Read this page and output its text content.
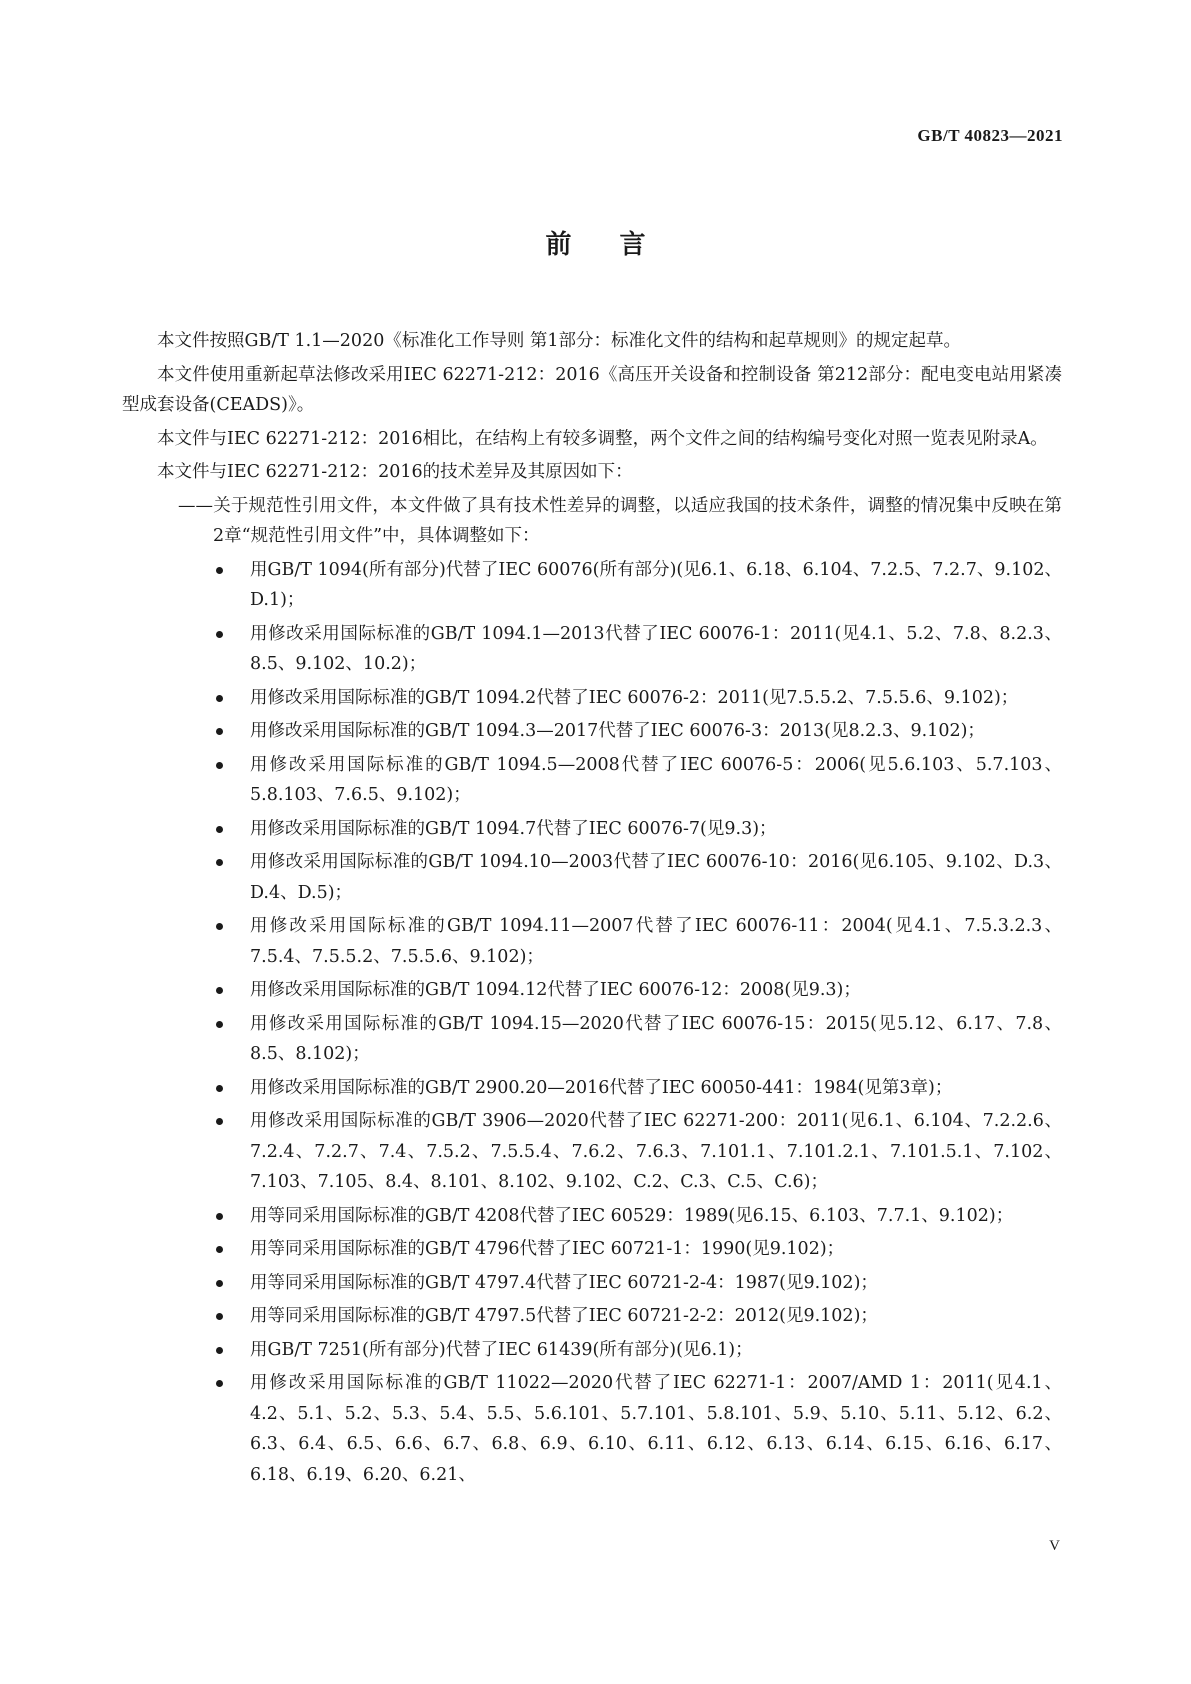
GB/T 40823—2021
前 言

本文件按照GB/T 1.1—2020《标准化工作导则 第1部分：标准化文件的结构和起草规则》的规定起草。

本文件使用重新起草法修改采用IEC 62271-212：2016《高压开关设备和控制设备 第212部分：配电变电站用紧凑型成套设备(CEADS)》。

本文件与IEC 62271-212：2016相比，在结构上有较多调整，两个文件之间的结构编号变化对照一览表见附录A。

本文件与IEC 62271-212：2016的技术差异及其原因如下：

——关于规范性引用文件，本文件做了具有技术性差异的调整，以适应我国的技术条件，调整的情况集中反映在第2章“规范性引用文件”中，具体调整如下：
用GB/T 1094(所有部分)代替了IEC 60076(所有部分)(见6.1、6.18、6.104、7.2.5、7.2.7、9.102、D.1)；
用修改采用国际标准的GB/T 1094.1—2013代替了IEC 60076-1：2011(见4.1、5.2、7.8、8.2.3、8.5、9.102、10.2)；
用修改采用国际标准的GB/T 1094.2代替了IEC 60076-2：2011(见7.5.5.2、7.5.5.6、9.102)；
用修改采用国际标准的GB/T 1094.3—2017代替了IEC 60076-3：2013(见8.2.3、9.102)；
用修改采用国际标准的GB/T 1094.5—2008代替了IEC 60076-5：2006(见5.6.103、5.7.103、5.8.103、7.6.5、9.102)；
用修改采用国际标准的GB/T 1094.7代替了IEC 60076-7(见9.3)；
用修改采用国际标准的GB/T 1094.10—2003代替了IEC 60076-10：2016(见6.105、9.102、D.3、D.4、D.5)；
用修改采用国际标准的GB/T 1094.11—2007代替了IEC 60076-11：2004(见4.1、7.5.3.2.3、7.5.4、7.5.5.2、7.5.5.6、9.102)；
用修改采用国际标准的GB/T 1094.12代替了IEC 60076-12：2008(见9.3)；
用修改采用国际标准的GB/T 1094.15—2020代替了IEC 60076-15：2015(见5.12、6.17、7.8、8.5、8.102)；
用修改采用国际标准的GB/T 2900.20—2016代替了IEC 60050-441：1984(见第3章)；
用修改采用国际标准的GB/T 3906—2020代替了IEC 62271-200：2011(见6.1、6.104、7.2.2.6、7.2.4、7.2.7、7.4、7.5.2、7.5.5.4、7.6.2、7.6.3、7.101.1、7.101.2.1、7.101.5.1、7.102、7.103、7.105、8.4、8.101、8.102、9.102、C.2、C.3、C.5、C.6)；
用等同采用国际标准的GB/T 4208代替了IEC 60529：1989(见6.15、6.103、7.7.1、9.102)；
用等同采用国际标准的GB/T 4796代替了IEC 60721-1：1990(见9.102)；
用等同采用国际标准的GB/T 4797.4代替了IEC 60721-2-4：1987(见9.102)；
用等同采用国际标准的GB/T 4797.5代替了IEC 60721-2-2：2012(见9.102)；
用GB/T 7251(所有部分)代替了IEC 61439(所有部分)(见6.1)；
用修改采用国际标准的GB/T 11022—2020代替了IEC 62271-1：2007/AMD 1：2011(见4.1、4.2、5.1、5.2、5.3、5.4、5.5、5.6.101、5.7.101、5.8.101、5.9、5.10、5.11、5.12、6.2、6.3、6.4、6.5、6.6、6.7、6.8、6.9、6.10、6.11、6.12、6.13、6.14、6.15、6.16、6.17、6.18、6.19、6.20、6.21、
V
